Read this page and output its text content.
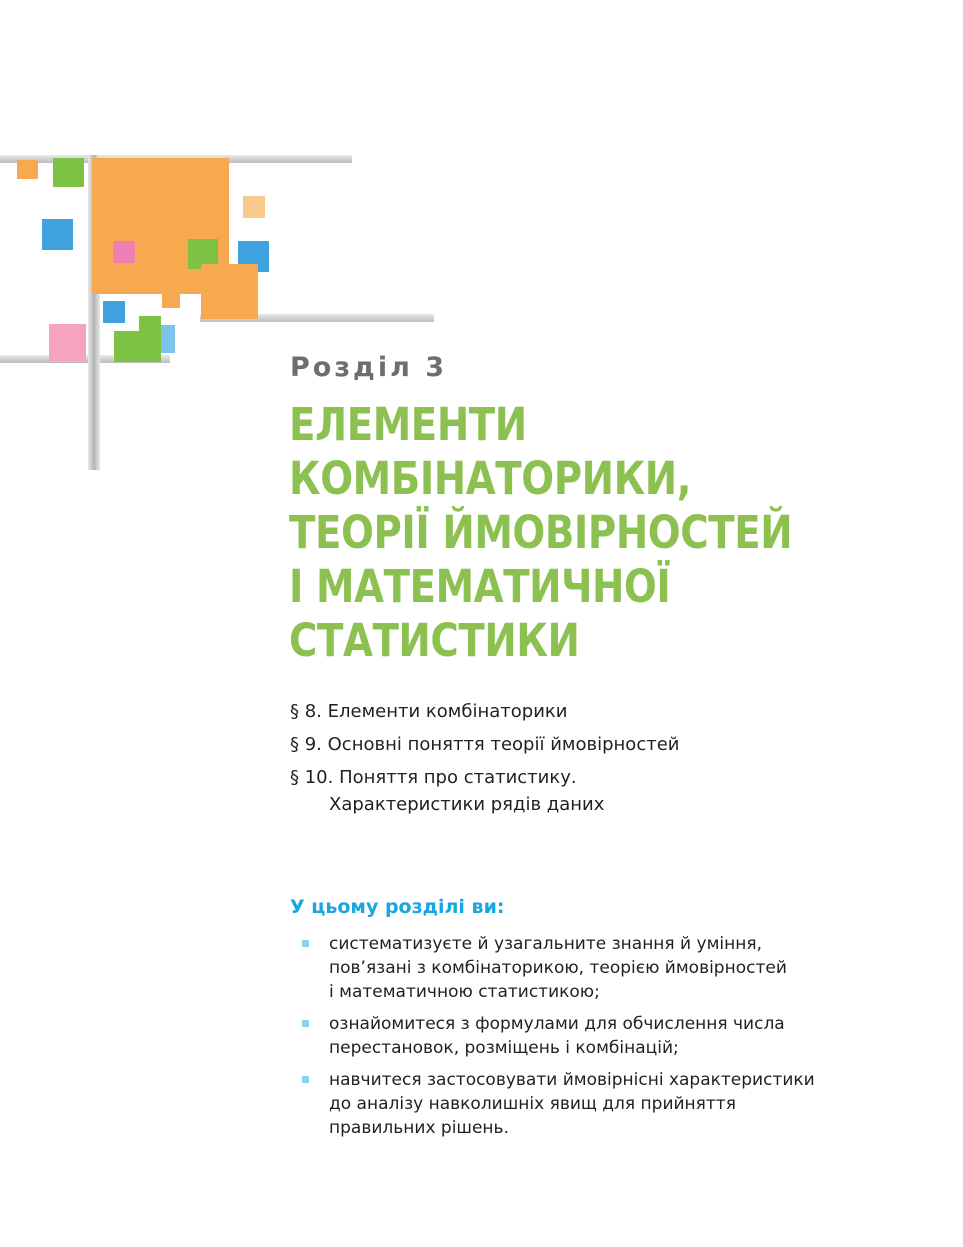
Розділ 3
ЕЛЕМЕНТИ
КОМБІНАТОРИКИ,
ТЕОРІЇ ЙМОВІРНОСТЕЙ
І МАТЕМАТИЧНОЇ
СТАТИСТИКИ
§ 8. Елементи комбінаторики
§ 9. Основні поняття теорії ймовірностей
§ 10. Поняття про статистику.
Характеристики рядів даних
У цьому розділі ви:
систематизуєте й узагальните знання й уміння,
пов’язані з комбінаторикою, теорією ймовірностей
і математичною статистикою;
ознайомитеся з формулами для обчислення числа
перестановок, розміщень і комбінацій;
навчитеся застосовувати ймовірнісні характеристики
до аналізу навколишніх явищ для прийняття
правильних рішень.
